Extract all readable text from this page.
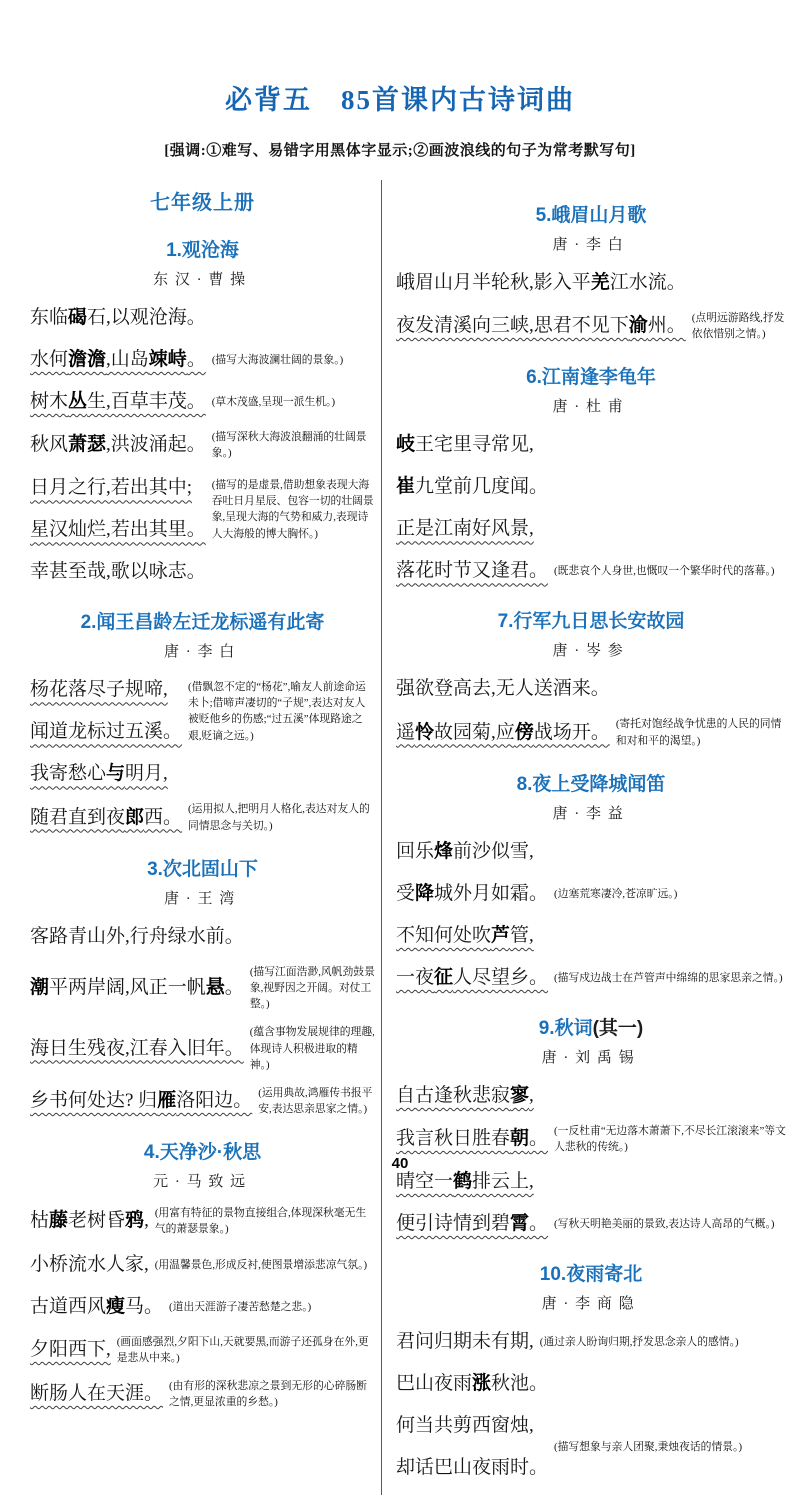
必背五　85首课内古诗词曲
[强调:①难写、易错字用黑体字显示;②画波浪线的句子为常考默写句]
七年级上册
1.观沧海
东汉·曹操
东临碣石,以观沧海。
水何澹澹,山岛竦峙。 (描写大海波澜壮阔的景象。)
树木丛生,百草丰茂。 (草木茂盛,呈现一派生机。)
秋风萧瑟,洪波涌起。 (描写深秋大海波浪翻涌的壮阔景象。)
日月之行,若出其中;
星汉灿烂,若出其里。
(描写的是虚景,借助想象表现大海吞吐日月星辰、包容一切的壮阔景象,呈现大海的气势和威力,表现诗人大海般的博大胸怀。)
幸甚至哉,歌以咏志。
2.闻王昌龄左迁龙标遥有此寄
唐·李白
杨花落尽子规啼,
闻道龙标过五溪。
(借飘忽不定的“杨花”,喻友人前途命运未卜;借啼声凄切的“子规”,表达对友人被贬他乡的伤感;“过五溪”体现路途之艰,贬谪之远。)
我寄愁心与明月,
随君直到夜郎西。 (运用拟人,把明月人格化,表达对友人的同情思念与关切。)
3.次北固山下
唐·王湾
客路青山外,行舟绿水前。
潮平两岸阔,风正一帆悬。
(描写江面浩渺,风帆劲鼓景象,视野因之开阔。对仗工整。)
海日生残夜,江春入旧年。
(蕴含事物发展规律的理趣,体现诗人积极进取的精神。)
乡书何处达? 归雁洛阳边。 (运用典故,鸿雁传书报平安,表达思亲思家之情。)
4.天净沙·秋思
元·马致远
枯藤老树昏鸦, (用富有特征的景物直接组合,体现深秋毫无生气的萧瑟景象。)
小桥流水人家, (用温馨景色,形成反衬,使图景增添悲凉气氛。)
古道西风瘦马。 (道出天涯游子凄苦愁楚之悲。)
夕阳西下, (画面感强烈,夕阳下山,天就要黑,而游子还孤身在外,更是悲从中来。)
断肠人在天涯。 (由有形的深秋悲凉之景到无形的心碎肠断之情,更显浓重的乡愁。)
5.峨眉山月歌
唐·李白
峨眉山月半轮秋,影入平羌江水流。
夜发清溪向三峡,思君不见下渝州。 (点明远游路线,抒发依依惜别之情。)
6.江南逢李龟年
唐·杜甫
岐王宅里寻常见,
崔九堂前几度闻。
正是江南好风景,
落花时节又逢君。 (既悲哀个人身世,也慨叹一个繁华时代的落幕。)
7.行军九日思长安故园
唐·岑参
强欲登高去,无人送酒来。
遥怜故园菊,应傍战场开。 (寄托对饱经战争忧患的人民的同情和对和平的渴望。)
8.夜上受降城闻笛
唐·李益
回乐烽前沙似雪,
受降城外月如霜。 (边塞荒寒凄冷,苍凉旷远。)
不知何处吹芦管,
一夜征人尽望乡。 (描写戍边战士在芦管声中绵绵的思家思亲之情。)
9.秋词(其一)
唐·刘禹锡
自古逢秋悲寂寥,
我言秋日胜春朝。 (一反杜甫“无边落木萧萧下,不尽长江滚滚来”等文人悲秋的传统。)
晴空一鹤排云上,
便引诗情到碧霄。 (写秋天明艳美丽的景致,表达诗人高昂的气概。)
10.夜雨寄北
唐·李商隐
君问归期未有期, (通过亲人盼询归期,抒发思念亲人的感情。)
巴山夜雨涨秋池。
何当共剪西窗烛,
却话巴山夜雨时。
(描写想象与亲人团聚,秉烛夜话的情景。)
40
